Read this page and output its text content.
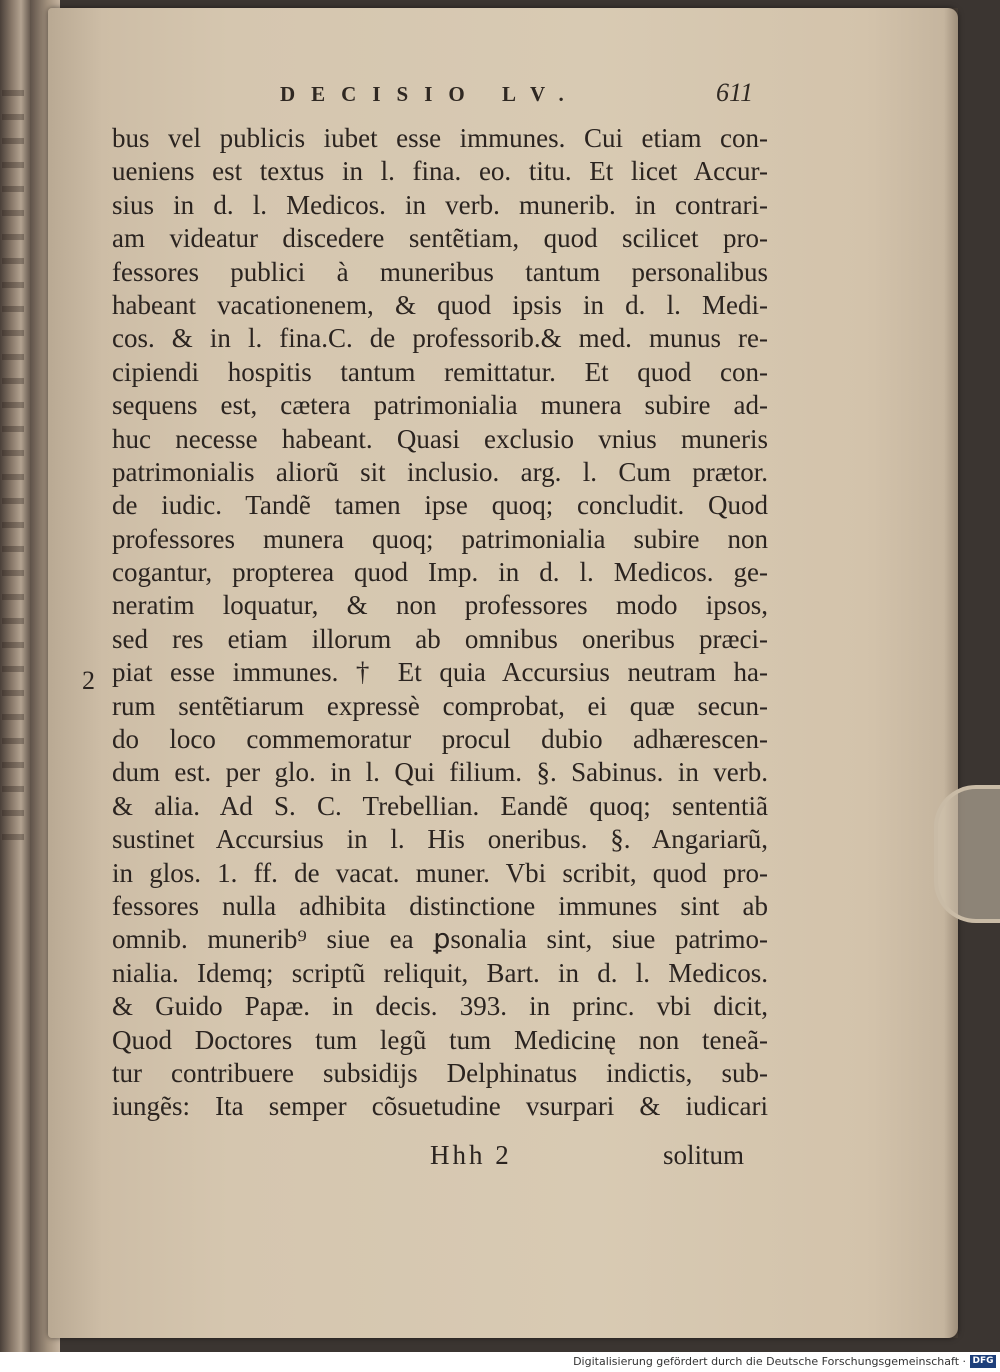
DECISIO LV.	611
bus vel publicis iubet esse immunes. Cui etiam con-
ueniens est textus in l. fina. eo. titu. Et licet Accur-
sius in d. l. Medicos. in verb. munerib. in contrari-
am videatur discedere sentẽtiam, quod scilicet pro-
fessores publici à muneribus tantum personalibus
habeant vacationenem, & quod ipsis in d. l. Medi-
cos. & in l. fina.C. de professorib.& med. munus re-
cipiendi hospitis tantum remittatur. Et quod con-
sequens est, cætera patrimonialia munera subire ad-
huc necesse habeant. Quasi exclusio vnius muneris
patrimonialis aliorũ sit inclusio. arg. l. Cum prætor.
de iudic. Tandẽ tamen ipse quoq; concludit. Quod
professores munera quoq; patrimonialia subire non
cogantur, propterea quod Imp. in d. l. Medicos. ge-
neratim loquatur, & non professores modo ipsos,
sed res etiam illorum ab omnibus oneribus præci-
piat esse immunes. † Et quia Accursius neutram ha-
rum sentẽtiarum expressè comprobat, ei quæ secun-
do loco commemoratur procul dubio adhærescen-
dum est. per glo. in l. Qui filium. §. Sabinus. in verb.
& alia. Ad S. C. Trebellian. Eandẽ quoq; sententiã
sustinet Accursius in l. His oneribus. §. Angariarũ,
in glos. 1. ff. de vacat. muner. Vbi scribit, quod pro-
fessores nulla adhibita distinctione immunes sint ab
omnib. munerib⁹ siue ea ꝑsonalia sint, siue patrimo-
nialia. Idemq; scriptũ reliquit, Bart. in d. l. Medicos.
& Guido Papæ. in decis. 393. in princ. vbi dicit,
Quod Doctores tum legũ tum Medicinę non teneã-
tur contribuere subsidijs Delphinatus indictis, sub-
iungẽs: Ita semper cõsuetudine vsurpari & iudicari
2
Hhh 2	solitum
Digitalisierung gefördert durch die Deutsche Forschungsgemeinschaft · DFG
